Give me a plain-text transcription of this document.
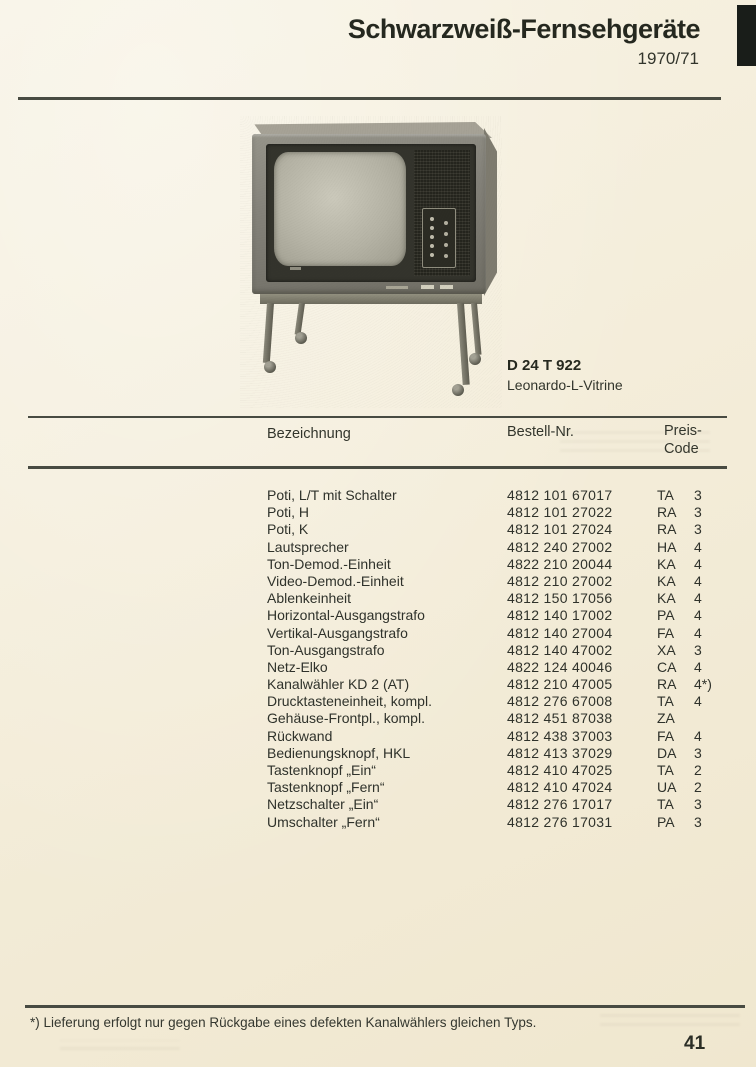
Schwarzweiß-Fernsehgeräte
1970/71
D 24 T 922
Leonardo-L-Vitrine
Bezeichnung	Bestell-Nr.	Preis-
Code
Poti, L/T mit Schalter	4812 101 67017	TA 3
Poti, H	4812 101 27022	RA 3
Poti, K	4812 101 27024	RA 3
Lautsprecher	4812 240 27002	HA 4
Ton-Demod.-Einheit	4822 210 20044	KA 4
Video-Demod.-Einheit	4812 210 27002	KA 4
Ablenkeinheit	4812 150 17056	KA 4
Horizontal-Ausgangstrafo	4812 140 17002	PA 4
Vertikal-Ausgangstrafo	4812 140 27004	FA 4
Ton-Ausgangstrafo	4812 140 47002	XA 3
Netz-Elko	4822 124 40046	CA 4
Kanalwähler KD 2 (AT)	4812 210 47005	RA 4*)
Drucktasteneinheit, kompl.	4812 276 67008	TA 4
Gehäuse-Frontpl., kompl.	4812 451 87038	ZA
Rückwand	4812 438 37003	FA 4
Bedienungsknopf, HKL	4812 413 37029	DA 3
Tastenknopf „Ein“	4812 410 47025	TA 2
Tastenknopf „Fern“	4812 410 47024	UA 2
Netzschalter „Ein“	4812 276 17017	TA 3
Umschalter „Fern“	4812 276 17031	PA 3
*) Lieferung erfolgt nur gegen Rückgabe eines defekten Kanalwählers gleichen Typs.
41
